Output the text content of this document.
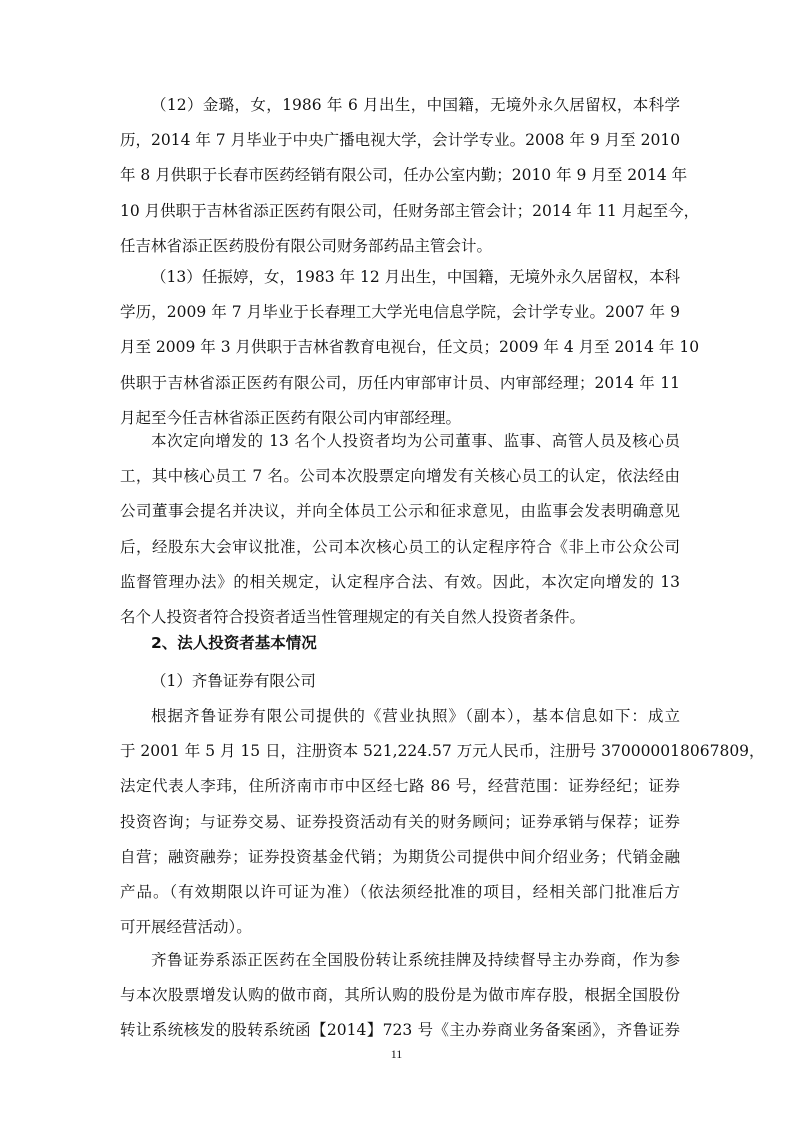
（12）金璐，女，1986 年 6 月出生，中国籍，无境外永久居留权，本科学
历，2014 年 7 月毕业于中央广播电视大学，会计学专业。2008 年 9 月至 2010
年 8 月供职于长春市医药经销有限公司，任办公室内勤；2010 年 9 月至 2014 年
10 月供职于吉林省添正医药有限公司，任财务部主管会计；2014 年 11 月起至今，
任吉林省添正医药股份有限公司财务部药品主管会计。
（13）任振婷，女，1983 年 12 月出生，中国籍，无境外永久居留权，本科
学历，2009 年 7 月毕业于长春理工大学光电信息学院，会计学专业。2007 年 9
月至 2009 年 3 月供职于吉林省教育电视台，任文员；2009 年 4 月至 2014 年 10
供职于吉林省添正医药有限公司，历任内审部审计员、内审部经理；2014 年 11
月起至今任吉林省添正医药有限公司内审部经理。
本次定向增发的 13 名个人投资者均为公司董事、监事、高管人员及核心员
工，其中核心员工 7 名。公司本次股票定向增发有关核心员工的认定，依法经由
公司董事会提名并决议，并向全体员工公示和征求意见，由监事会发表明确意见
后，经股东大会审议批准，公司本次核心员工的认定程序符合《非上市公众公司
监督管理办法》的相关规定，认定程序合法、有效。因此，本次定向增发的 13
名个人投资者符合投资者适当性管理规定的有关自然人投资者条件。
2、法人投资者基本情况
（1）齐鲁证券有限公司
根据齐鲁证券有限公司提供的《营业执照》（副本），基本信息如下：成立
于 2001 年 5 月 15 日，注册资本 521,224.57 万元人民币，注册号 370000018067809，
法定代表人李玮，住所济南市市中区经七路 86 号，经营范围：证券经纪；证券
投资咨询；与证券交易、证券投资活动有关的财务顾问；证券承销与保荐；证券
自营；融资融券；证券投资基金代销；为期货公司提供中间介绍业务；代销金融
产品。（有效期限以许可证为准）（依法须经批准的项目，经相关部门批准后方
可开展经营活动）。
齐鲁证券系添正医药在全国股份转让系统挂牌及持续督导主办券商，作为参
与本次股票增发认购的做市商，其所认购的股份是为做市库存股，根据全国股份
转让系统核发的股转系统函【2014】723 号《主办券商业务备案函》，齐鲁证券
11
